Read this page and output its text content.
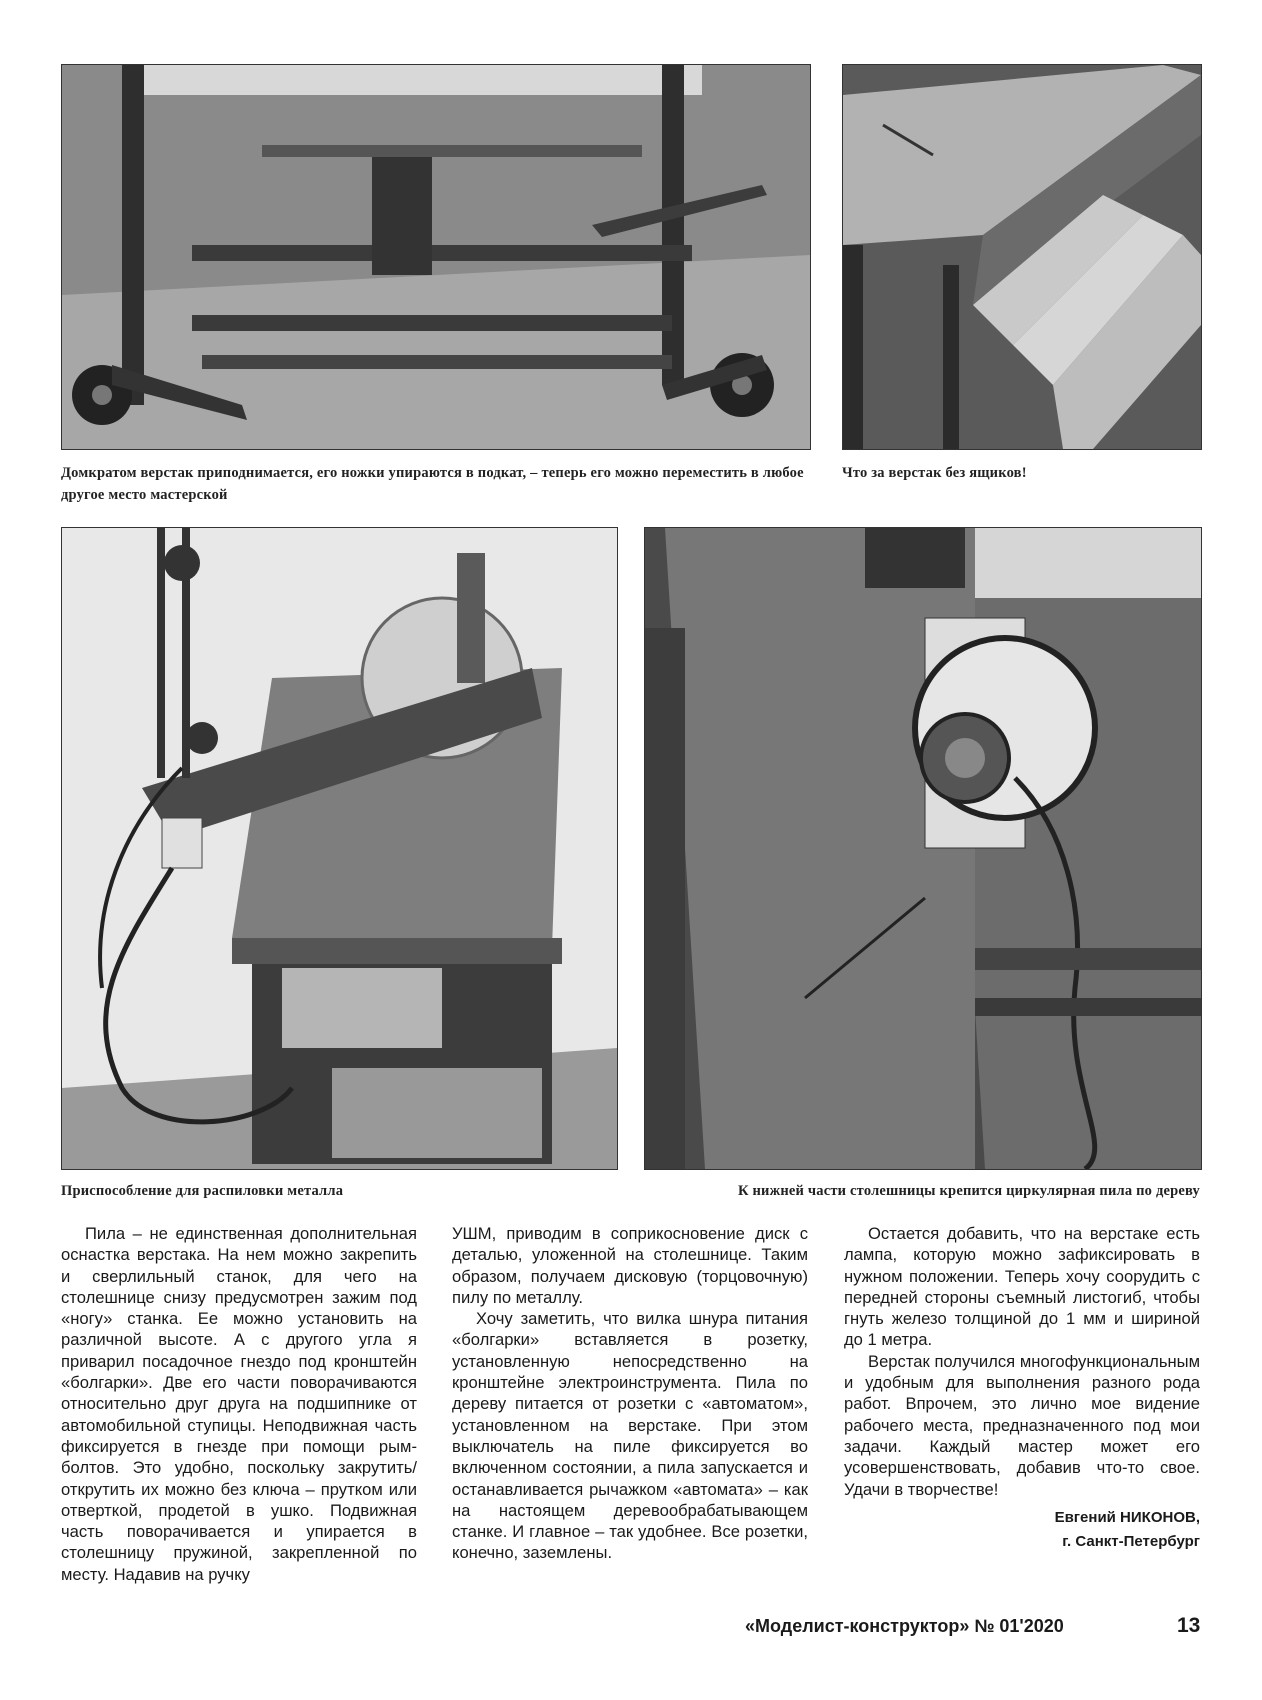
Домкратом верстак приподнимается, его ножки упираются в подкат, – теперь его можно переместить в любое другое место мастерской
Что за верстак без ящиков!
Приспособление для распиловки металла	К нижней части столешницы крепится циркулярная пила по дереву

Пила – не единственная дополнительная оснастка верстака. На нем можно закрепить и сверлильный станок, для чего на столешнице снизу предусмотрен зажим под «ногу» станка. Ее можно установить на различной высоте. А с другого угла я приварил посадочное гнездо под кронштейн «болгарки». Две его части поворачиваются относительно друг друга на подшипнике от автомобильной ступицы. Неподвижная часть фиксируется в гнезде при помощи рым-болтов. Это удобно, поскольку закрутить/открутить их можно без ключа – прутком или отверткой, продетой в ушко. Подвижная часть поворачивается и упирается в столешницу пружиной, закрепленной по месту. Надавив на ручку

УШМ, приводим в соприкосновение диск с деталью, уложенной на столешнице. Таким образом, получаем дисковую (торцовочную) пилу по металлу.

Хочу заметить, что вилка шнура питания «болгарки» вставляется в розетку, установленную непосредственно на кронштейне электроинструмента. Пила по дереву питается от розетки с «автоматом», установленном на верстаке. При этом выключатель на пиле фиксируется во включенном состоянии, а пила запускается и останавливается рычажком «автомата» – как на настоящем деревообрабатывающем станке. И главное – так удобнее. Все розетки, конечно, заземлены.

Остается добавить, что на верстаке есть лампа, которую можно зафиксировать в нужном положении. Теперь хочу соорудить с передней стороны съемный листогиб, чтобы гнуть железо толщиной до 1 мм и шириной до 1 метра.

Верстак получился многофункциональным и удобным для выполнения разного рода работ. Впрочем, это лично мое видение рабочего места, предназначенного под мои задачи. Каждый мастер может его усовершенствовать, добавив что-то свое. Удачи в творчестве!

Евгений НИКОНОВ,
г. Санкт-Петербург
«Моделист-конструктор» № 01'2020	13
